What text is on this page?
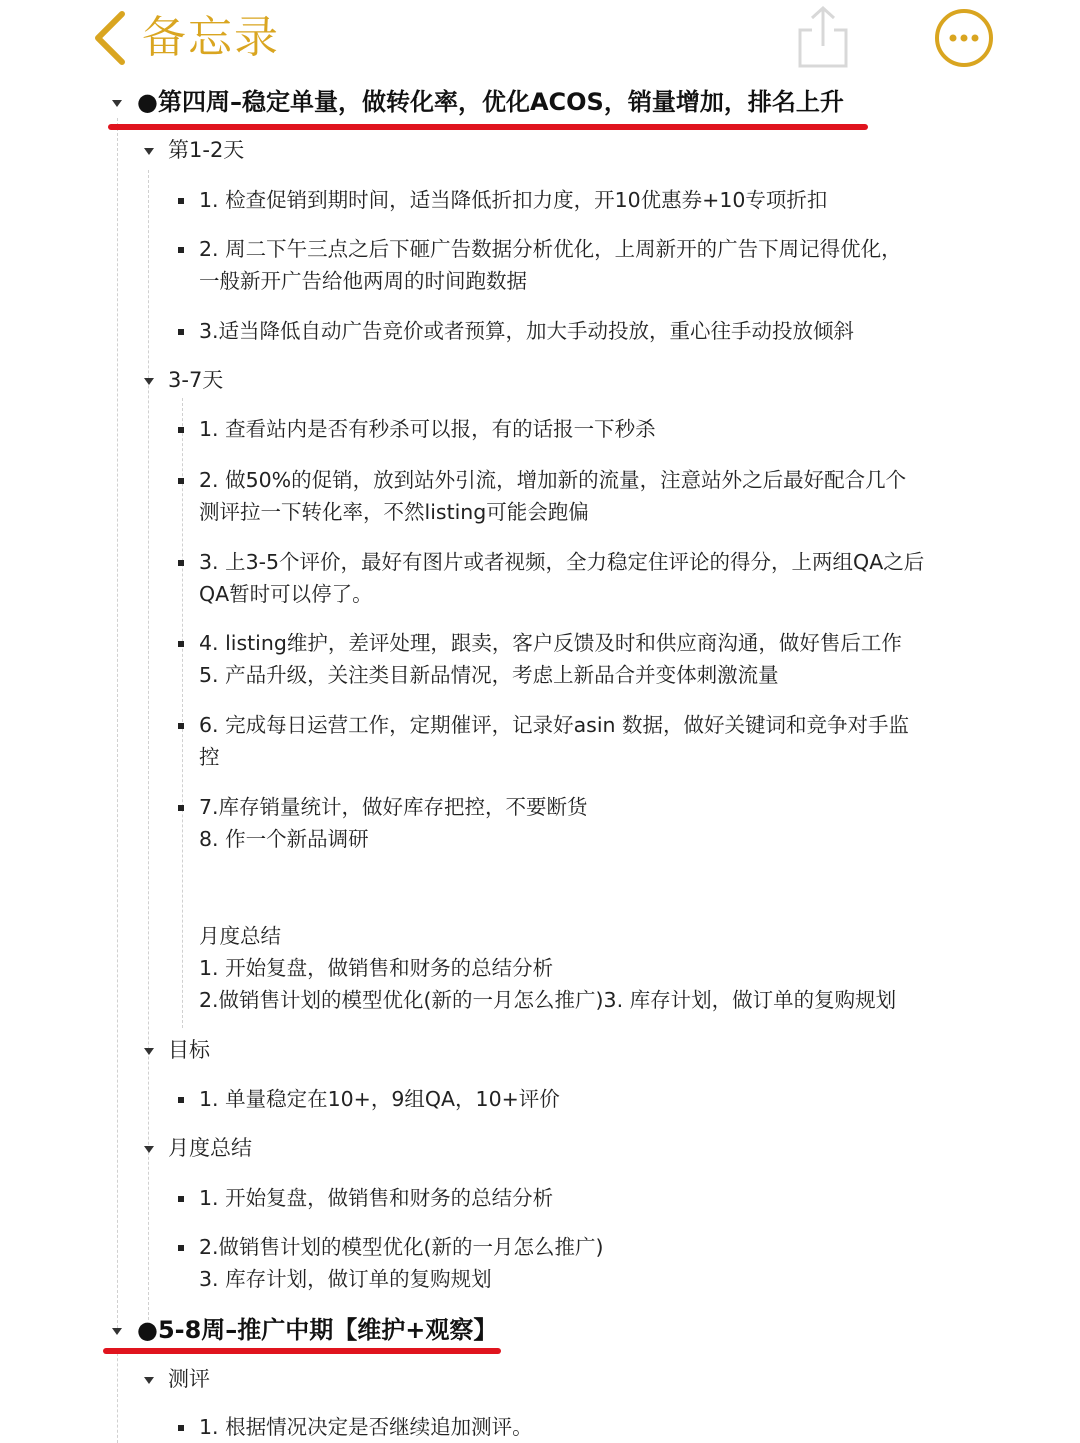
备忘录
●第四周–稳定单量，做转化率，优化ACOS，销量增加，排名上升
第1-2天
1. 检查促销到期时间，适当降低折扣力度，开10优惠券+10专项折扣
2. 周二下午三点之后下砸广告数据分析优化，上周新开的广告下周记得优化，
一般新开广告给他两周的时间跑数据
3.适当降低自动广告竞价或者预算，加大手动投放，重心往手动投放倾斜
3-7天
1. 查看站内是否有秒杀可以报，有的话报一下秒杀
2. 做50%的促销，放到站外引流，增加新的流量，注意站外之后最好配合几个
测评拉一下转化率，不然listing可能会跑偏
3. 上3-5个评价，最好有图片或者视频，全力稳定住评论的得分，上两组QA之后
QA暂时可以停了。
4. listing维护，差评处理，跟卖，客户反馈及时和供应商沟通，做好售后工作
5. 产品升级，关注类目新品情况，考虑上新品合并变体刺激流量
6. 完成每日运营工作，定期催评，记录好asin 数据，做好关键词和竞争对手监
控
7.库存销量统计，做好库存把控，不要断货
8. 作一个新品调研
月度总结
1. 开始复盘，做销售和财务的总结分析
2.做销售计划的模型优化(新的一月怎么推广)3. 库存计划，做订单的复购规划
目标
1. 单量稳定在10+，9组QA，10+评价
月度总结
1. 开始复盘，做销售和财务的总结分析
2.做销售计划的模型优化(新的一月怎么推广)
3. 库存计划，做订单的复购规划
●5-8周–推广中期【维护+观察】
测评
1. 根据情况决定是否继续追加测评。
